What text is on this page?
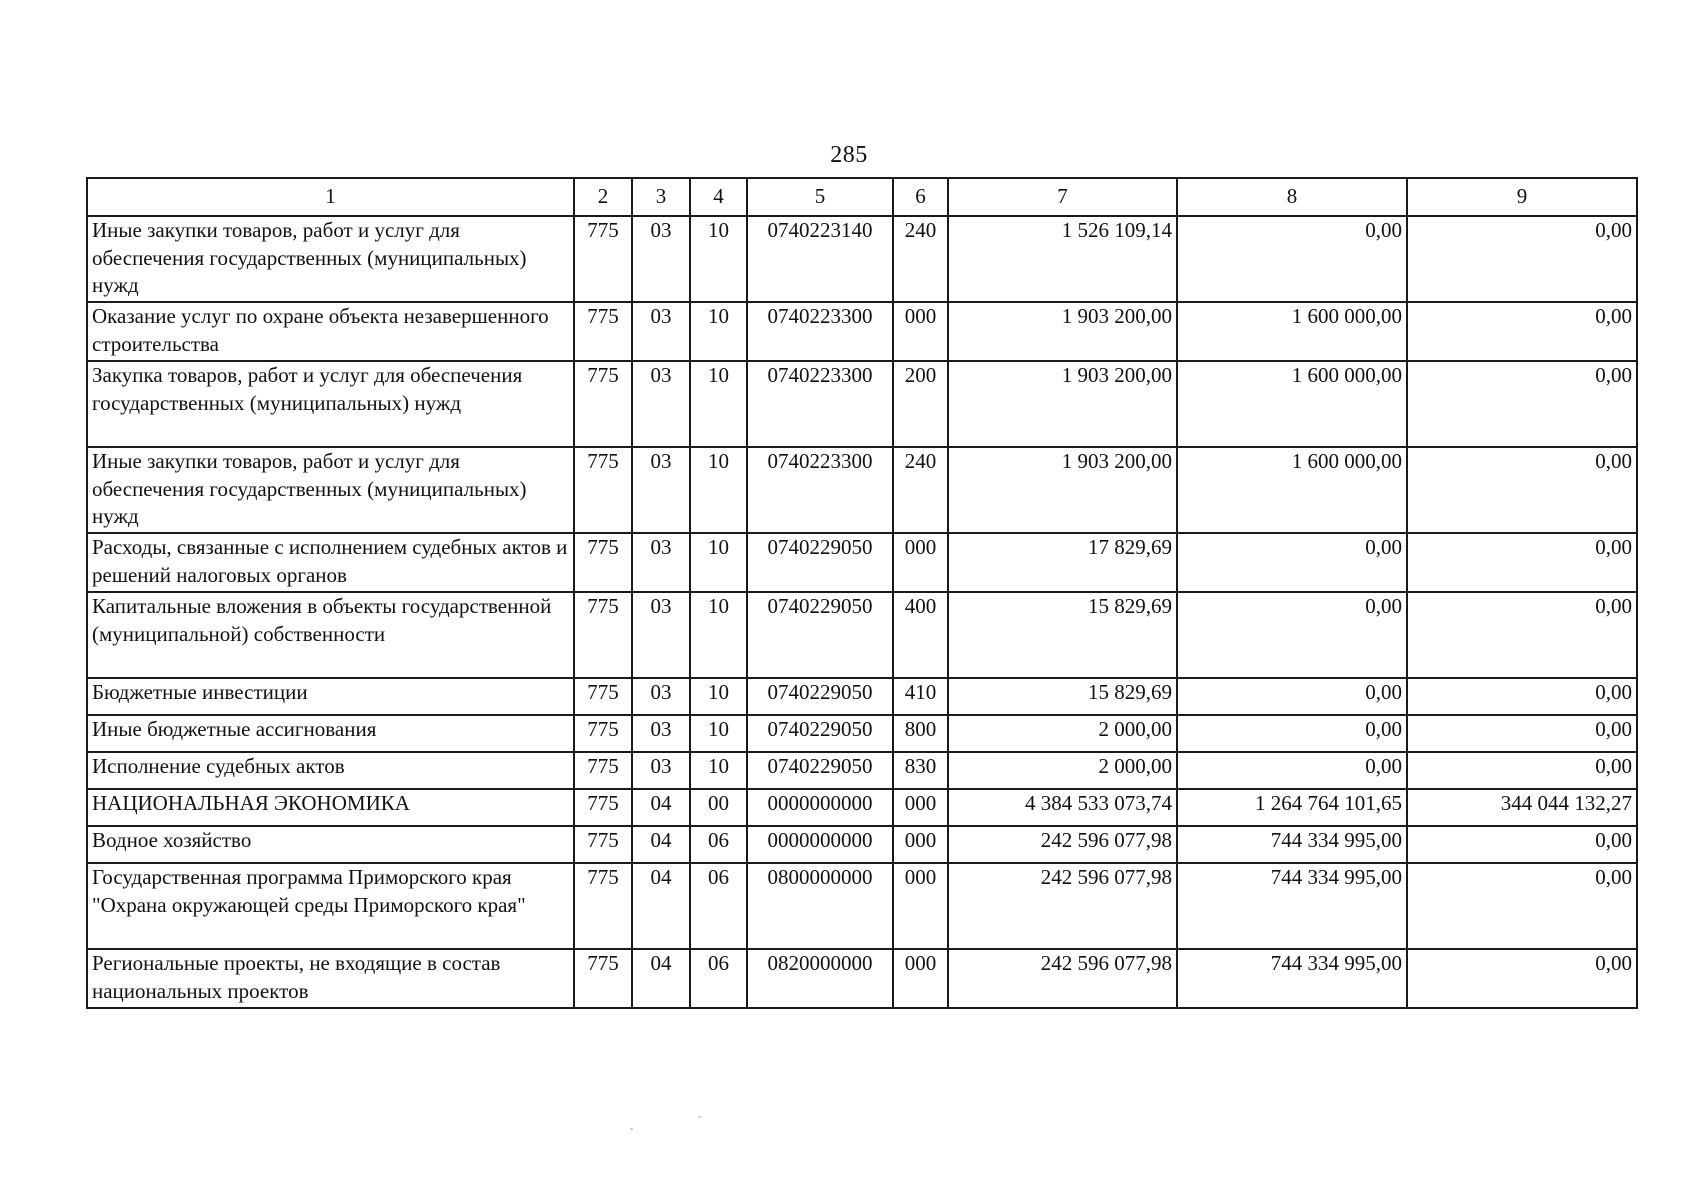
285
1	2	3	4	5	6	7	8	9
Иные закупки товаров, работ и услуг для обеспечения государственных (муниципальных) нужд	775	03	10	0740223140	240	1 526 109,14	0,00	0,00
Оказание услуг по охране объекта незавершенного строительства	775	03	10	0740223300	000	1 903 200,00	1 600 000,00	0,00
Закупка товаров, работ и услуг для обеспечения государственных (муниципальных) нужд	775	03	10	0740223300	200	1 903 200,00	1 600 000,00	0,00
Иные закупки товаров, работ и услуг для обеспечения государственных (муниципальных) нужд	775	03	10	0740223300	240	1 903 200,00	1 600 000,00	0,00
Расходы, связанные с исполнением судебных актов и решений налоговых органов	775	03	10	0740229050	000	17 829,69	0,00	0,00
Капитальные вложения в объекты государственной (муниципальной) собственности	775	03	10	0740229050	400	15 829,69	0,00	0,00
Бюджетные инвестиции	775	03	10	0740229050	410	15 829,69	0,00	0,00
Иные бюджетные ассигнования	775	03	10	0740229050	800	2 000,00	0,00	0,00
Исполнение судебных актов	775	03	10	0740229050	830	2 000,00	0,00	0,00
НАЦИОНАЛЬНАЯ ЭКОНОМИКА	775	04	00	0000000000	000	4 384 533 073,74	1 264 764 101,65	344 044 132,27
Водное хозяйство	775	04	06	0000000000	000	242 596 077,98	744 334 995,00	0,00
Государственная программа Приморского края "Охрана окружающей среды Приморского края"	775	04	06	0800000000	000	242 596 077,98	744 334 995,00	0,00
Региональные проекты, не входящие в состав национальных проектов	775	04	06	0820000000	000	242 596 077,98	744 334 995,00	0,00
